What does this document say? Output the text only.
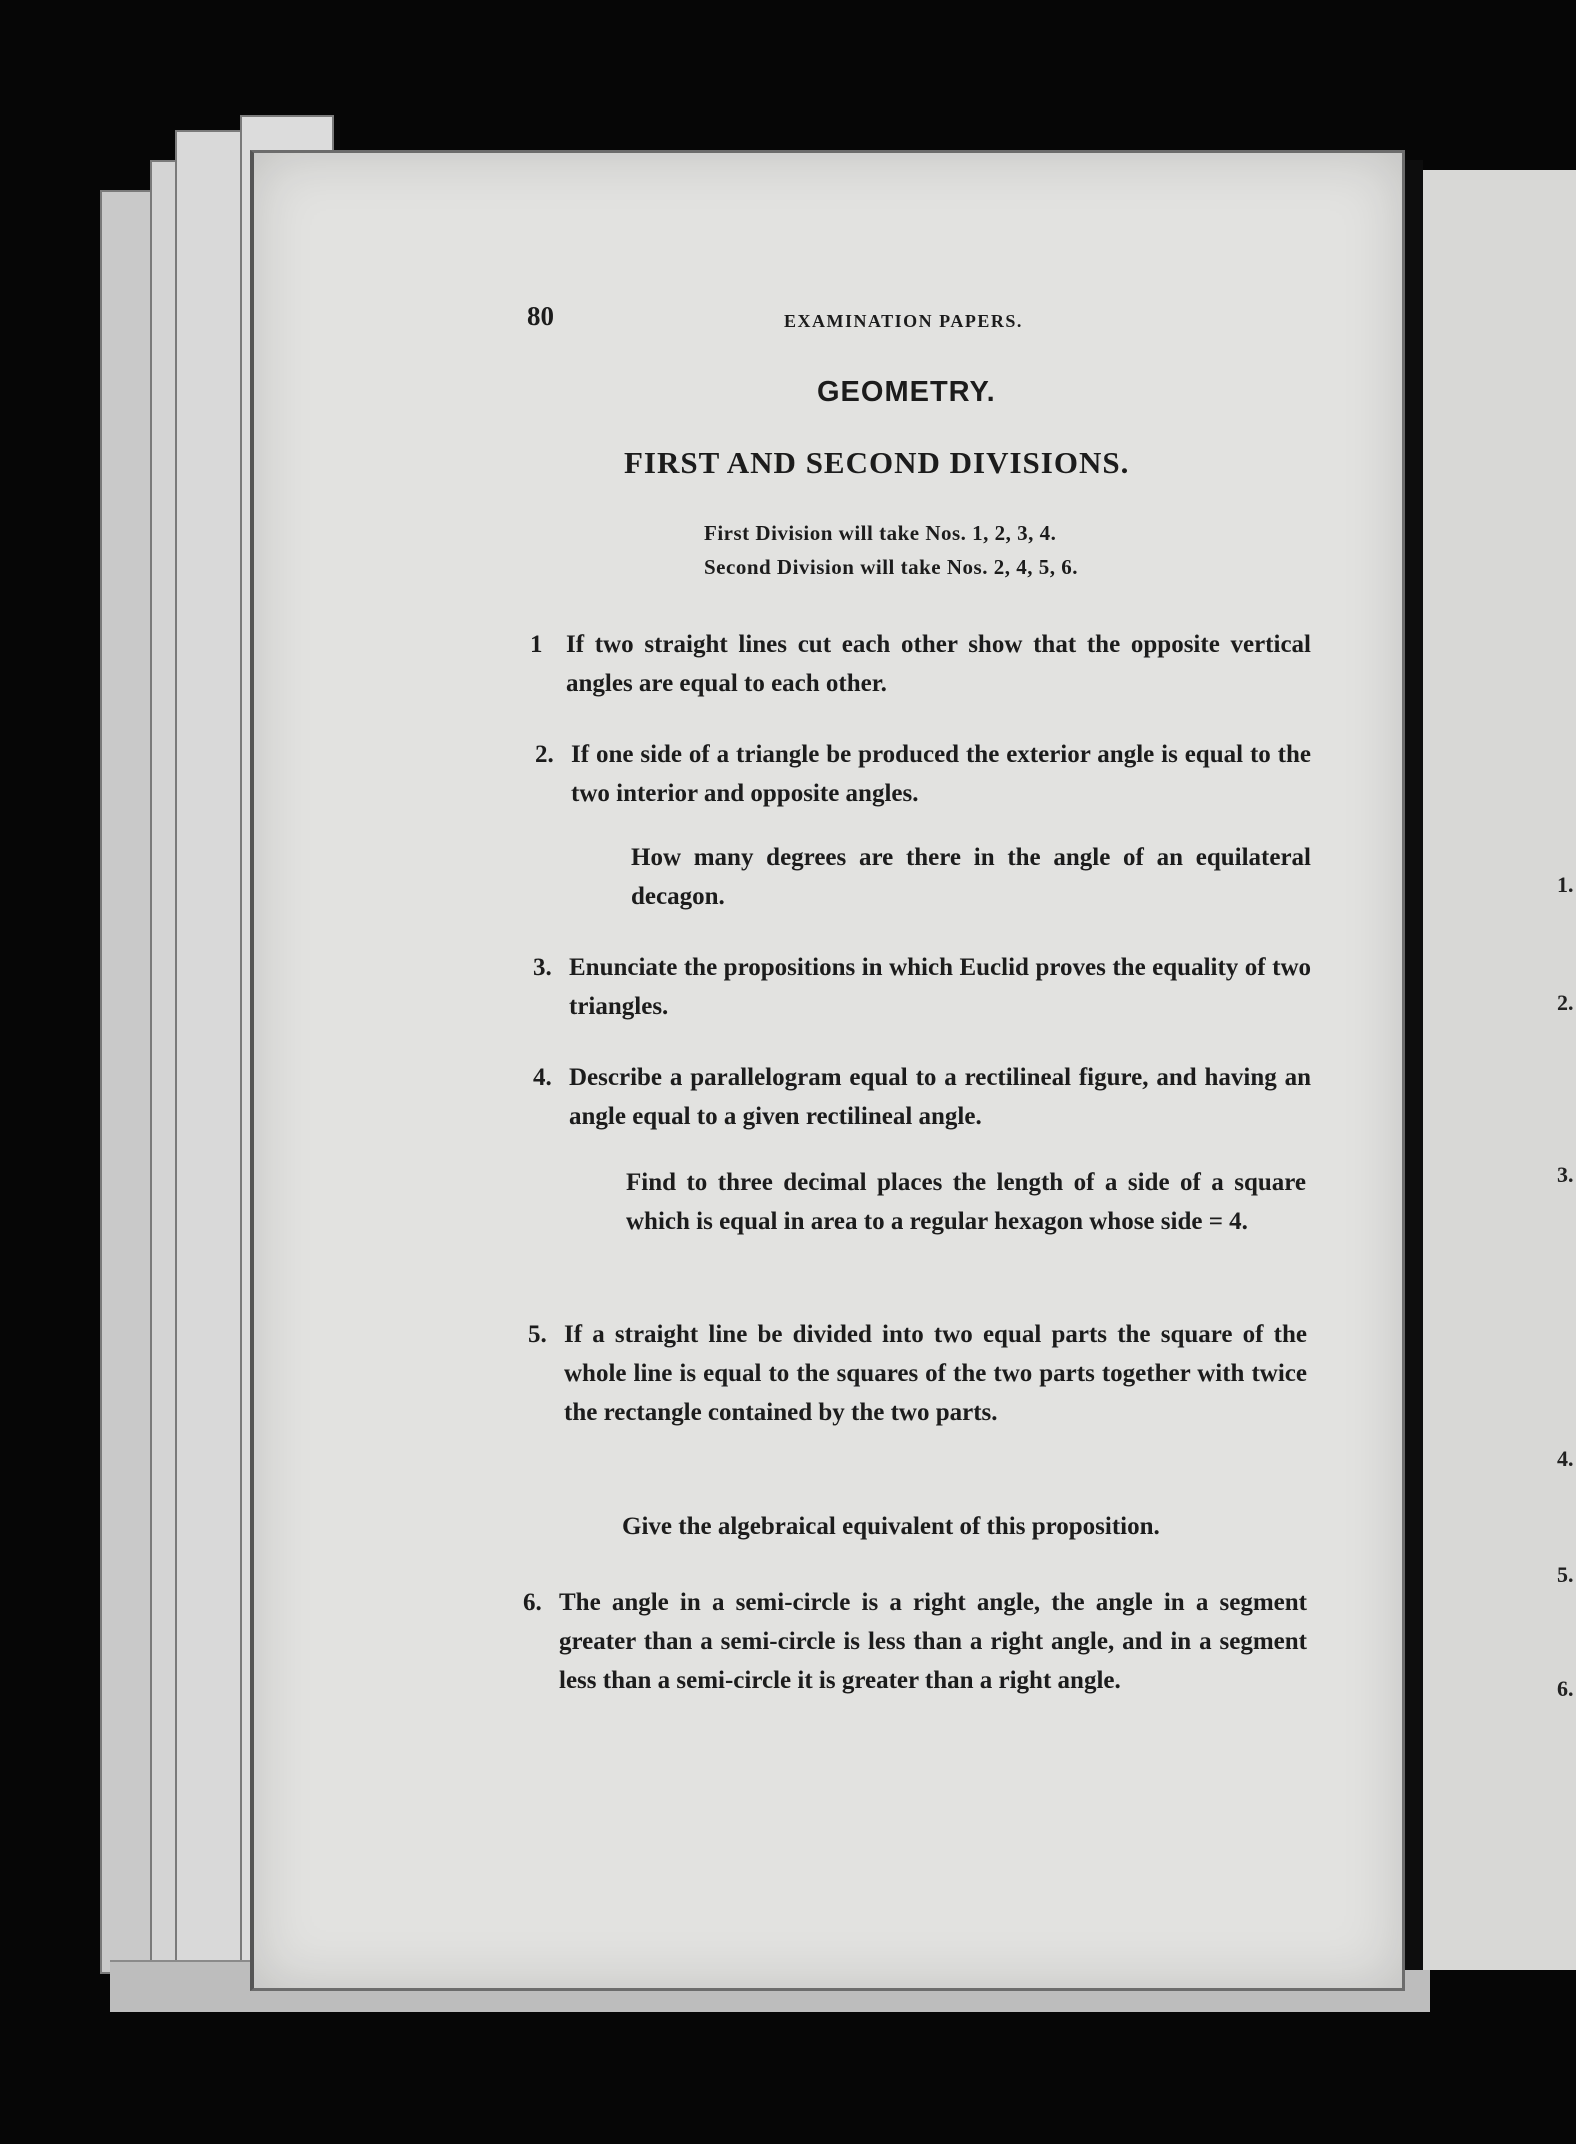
1.
2.
3.
4.
5.
6.
80	EXAMINATION PAPERS.
GEOMETRY.
FIRST AND SECOND DIVISIONS.
First Division will take Nos. 1, 2, 3, 4.
Second Division will take Nos. 2, 4, 5, 6.
1 If two straight lines cut each other show that the opposite vertical angles are equal to each other.
2. If one side of a triangle be produced the exterior angle is equal to the two interior and opposite angles.
How many degrees are there in the angle of an equilateral decagon.
3. Enunciate the propositions in which Euclid proves the equality of two triangles.
4. Describe a parallelogram equal to a rectilineal figure, and having an angle equal to a given rectilineal angle.
Find to three decimal places the length of a side of a square which is equal in area to a regular hexagon whose side = 4.
5. If a straight line be divided into two equal parts the square of the whole line is equal to the squares of the two parts together with twice the rectangle contained by the two parts.
Give the algebraical equivalent of this proposition.
6. The angle in a semi-circle is a right angle, the angle in a segment greater than a semi-circle is less than a right angle, and in a segment less than a semi-circle it is greater than a right angle.
